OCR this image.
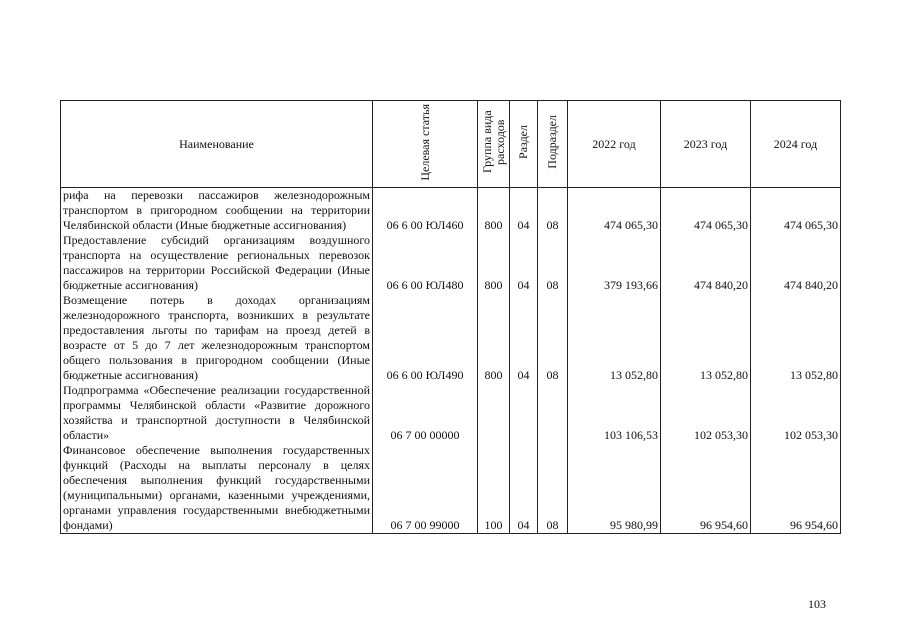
Наименование	Целевая статья	Группа вида расходов	Раздел	Подраздел	2022 год	2023 год	2024 год
рифа на перевозки пассажиров железнодорожным транспортом в пригородном сообщении на территории Челябинской области (Иные бюджетные ассигнования)	06 6 00 ЮЛ460	800	04	08	474 065,30	474 065,30	474 065,30
Предоставление субсидий организациям воздушного транспорта на осуществление региональных перевозок пассажиров на территории Российской Федерации (Иные бюджетные ассигнования)	06 6 00 ЮЛ480	800	04	08	379 193,66	474 840,20	474 840,20
Возмещение потерь в доходах организациям железнодорожного транспорта, возникших в результате предоставления льготы по тарифам на проезд детей в возрасте от 5 до 7 лет железнодорожным транспортом общего пользования в пригородном сообщении (Иные бюджетные ассигнования)	06 6 00 ЮЛ490	800	04	08	13 052,80	13 052,80	13 052,80
Подпрограмма «Обеспечение реализации государственной программы Челябинской области «Развитие дорожного хозяйства и транспортной доступности в Челябинской области»	06 7 00 00000				103 106,53	102 053,30	102 053,30
Финансовое обеспечение выполнения государственных функций (Расходы на выплаты персоналу в целях обеспечения выполнения функций государственными (муниципальными) органами, казенными учреждениями, органами управления государственными внебюджетными фондами)	06 7 00 99000	100	04	08	95 980,99	96 954,60	96 954,60
103
